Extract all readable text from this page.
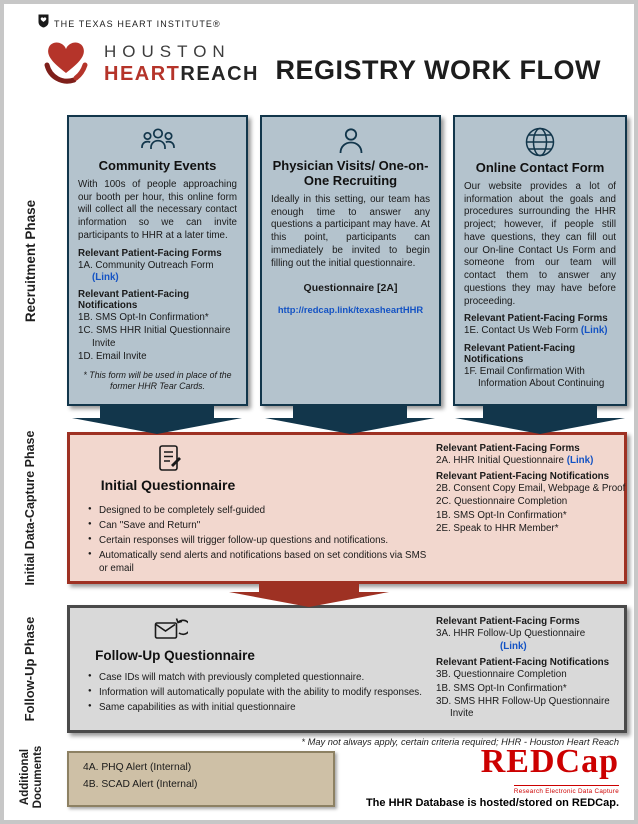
THE TEXAS HEART INSTITUTE®
HOUSTON
HEARTREACH REGISTRY WORK FLOW
Recruitment Phase
Initial Data-Capture Phase
Follow-Up Phase
Additional Documents
Community Events

With 100s of people approaching our booth per hour, this online form will collect all the necessary contact information so we can invite participants to HHR at a later time.

Relevant Patient-Facing Forms
1A. Community Outreach Form (Link)
Relevant Patient-Facing Notifications
1B. SMS Opt-In Confirmation*
1C. SMS HHR Initial Questionnaire Invite
1D. Email Invite

* This form will be used in place of the former HHR Tear Cards.

Physician Visits/ One-on-One Recruiting

Ideally in this setting, our team has enough time to answer any questions a participant may have. At this point, participants can immediately be invited to begin filling out the initial questionnaire.

Questionnaire [2A]
http://redcap.link/texasheartHHR
Online Contact Form

Our website provides a lot of information about the goals and procedures surrounding the HHR project; however, if people still have questions, they can fill out our On-line Contact Us Form and someone from our team will contact them to answer any questions they may have before proceeding.

Relevant Patient-Facing Forms
1E. Contact Us Web Form (Link)
Relevant Patient-Facing Notifications
1F. Email Confirmation With Information About Continuing
Initial Questionnaire
● Designed to be completely self-guided
● Can "Save and Return"
● Certain responses will trigger follow-up questions and notifications.
● Automatically send alerts and notifications based on set conditions via SMS or email
Relevant Patient-Facing Forms
2A. HHR Initial Questionnaire (Link)
Relevant Patient-Facing Notifications
2B. Consent Copy Email, Webpage & Proof
2C. Questionnaire Completion
1B. SMS Opt-In Confirmation*
2E. Speak to HHR Member*
Follow-Up Questionnaire
● Case IDs will match with previously completed questionnaire.
● Information will automatically populate with the ability to modify responses.
● Same capabilities as with initial questionnaire
Relevant Patient-Facing Forms
3A. HHR Follow-Up Questionnaire
(Link)
Relevant Patient-Facing Notifications
3B. Questionnaire Completion
1B. SMS Opt-In Confirmation*
3D. SMS HHR Follow-Up Questionnaire Invite
* May not always apply, certain criteria required; HHR - Houston Heart Reach
4A. PHQ Alert (Internal)
4B. SCAD Alert (Internal)
REDCap
Research Electronic Data Capture
The HHR Database is hosted/stored on REDCap.
